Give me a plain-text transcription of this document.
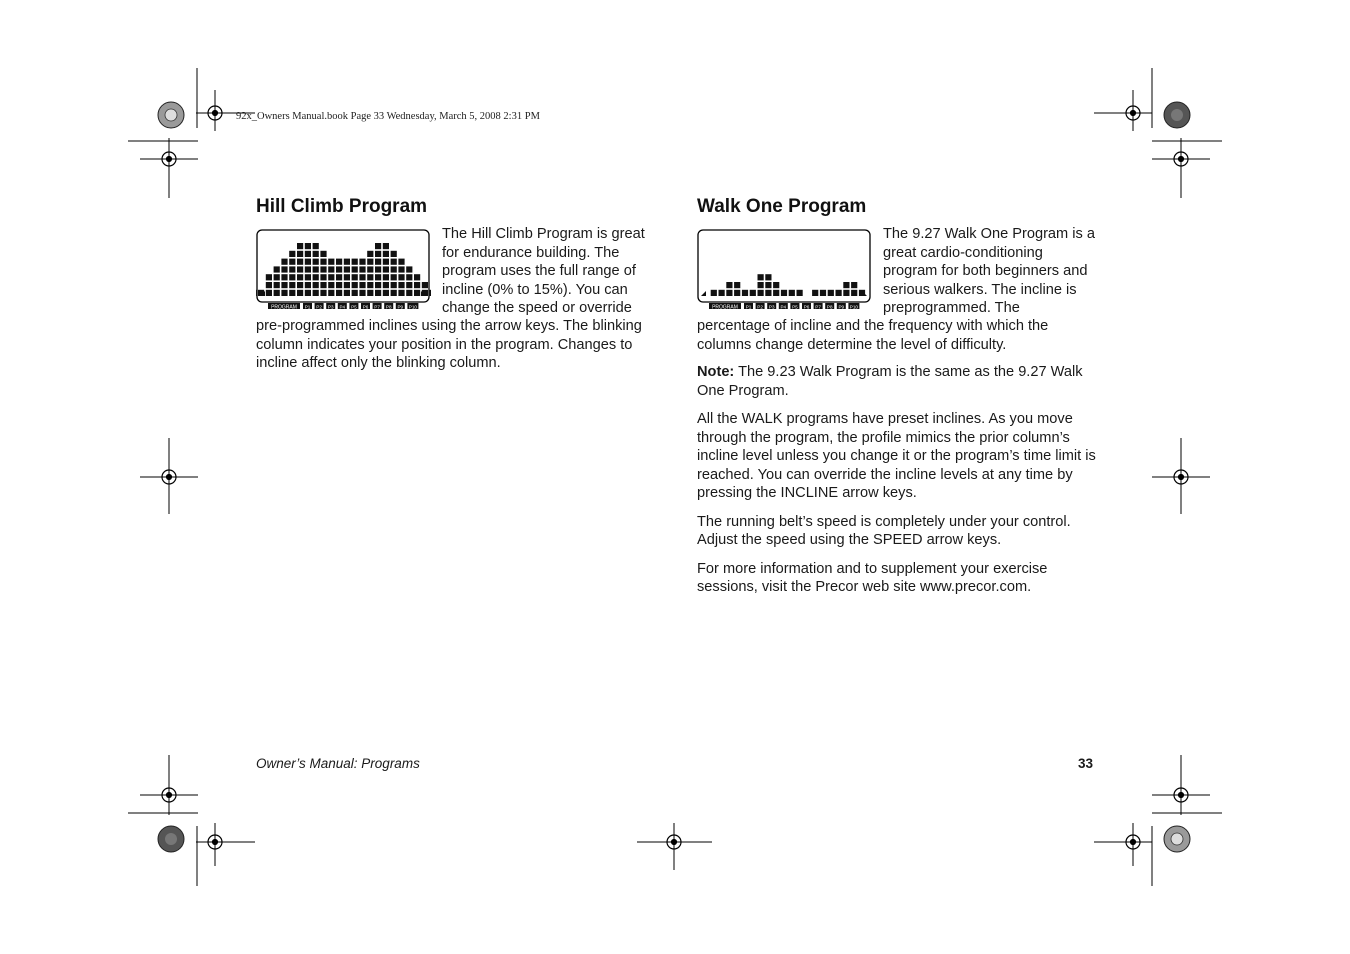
92x_Owners Manual.book Page 33 Wednesday, March 5, 2008 2:31 PM
Hill Climb Program
PROGRAM P1 P2 P3 P4 P5 P6 P7 P8 P9 P10

The Hill Climb Program is great for endurance building. The program uses the full range of incline (0% to 15%). You can change the speed or override

pre-programmed inclines using the arrow keys. The blinking column indicates your position in the program. Changes to incline affect only the blinking column.

Walk One Program
PROGRAM P1 P2 P3 P4 P5 P6 P7 P8 P9 P10

The 9.27 Walk One Program is a great cardio-conditioning program for both beginners and serious walkers. The incline is preprogrammed. The

percentage of incline and the frequency with which the columns change determine the level of difficulty.

Note: The 9.23 Walk Program is the same as the 9.27 Walk One Program.

All the WALK programs have preset inclines. As you move through the program, the profile mimics the prior column’s incline level unless you change it or the program’s time limit is reached. You can override the incline levels at any time by pressing the INCLINE arrow keys.

The running belt’s speed is completely under your control. Adjust the speed using the SPEED arrow keys.

For more information and to supplement your exercise sessions, visit the Precor web site www.precor.com.

Owner’s Manual: Programs	33
